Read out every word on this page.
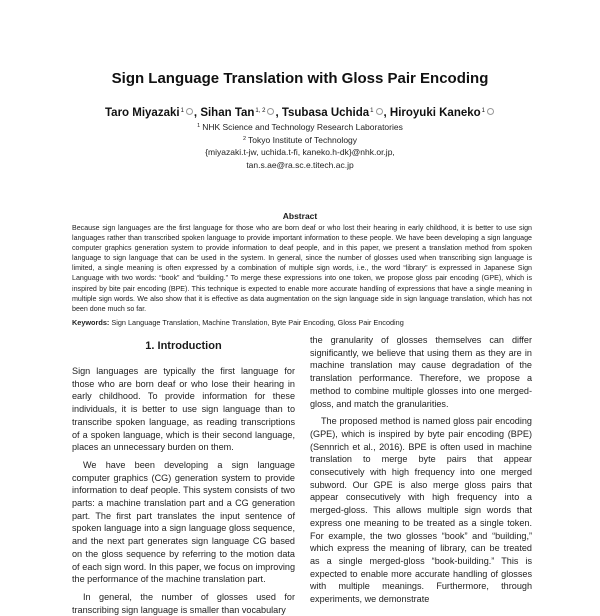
Sign Language Translation with Gloss Pair Encoding
Taro Miyazaki$^1$ , Sihan Tan$^{1, 2}$ , Tsubasa Uchida$^1$ , Hiroyuki Kaneko$^1$
$^1$ NHK Science and Technology Research Laboratories
$^2$ Tokyo Institute of Technology
{miyazaki.t-jw, uchida.t-fi, kaneko.h-dk}@nhk.or.jp,
tan.s.ae@ra.sc.e.titech.ac.jp
Abstract
Because sign languages are the first language for those who are born deaf or who lost their hearing in early childhood, it is better to use sign languages rather than transcribed spoken language to provide important information to these people. We have been developing a sign language computer graphics generation system to provide information to deaf people, and in this paper, we present a translation method from spoken language to sign language that can be used in the system. In general, since the number of glosses used when transcribing sign language is limited, a single meaning is often expressed by a combination of multiple sign words, i.e., the word “library” is expressed in Japanese Sign Language with two words: “book” and “building.” To merge these expressions into one token, we propose gloss pair encoding (GPE), which is inspired by bite pair encoding (BPE). This technique is expected to enable more accurate handling of expressions that have a single meaning in multiple sign words. We also show that it is effective as data augmentation on the sign language side in sign language translation, which has not been done much so far.
Keywords: Sign Language Translation, Machine Translation, Byte Pair Encoding, Gloss Pair Encoding
1. Introduction

Sign languages are typically the first language for those who are born deaf or who lose their hearing in early childhood. To provide information for these individuals, it is better to use sign language than to transcribe spoken language, as reading transcriptions of a spoken language, which is their second language, places an unnecessary burden on them.

We have been developing a sign language computer graphics (CG) generation system to provide information to deaf people. This system consists of two parts: a machine translation part and a CG generation part. The first part translates the input sentence of spoken language into a sign language gloss sequence, and the next part generates sign language CG based on the gloss sequence by referring to the motion data of each sign word. In this paper, we focus on improving the performance of the machine translation part.

In general, the number of glosses used for transcribing sign language is smaller than vocabulary

the granularity of glosses themselves can differ significantly, we believe that using them as they are in machine translation may cause degradation of the translation performance. Therefore, we propose a method to combine multiple glosses into one merged-gloss, and match the granularities.

The proposed method is named gloss pair encoding (GPE), which is inspired by byte pair encoding (BPE) (Sennrich et al., 2016). BPE is often used in machine translation to merge byte pairs that appear consecutively with high frequency into one merged subword. Our GPE is also merge gloss pairs that appear consecutively with high frequency into a merged-gloss. This allows multiple sign words that express one meaning to be treated as a single token. For example, the two glosses “book” and “building,” which express the meaning of library, can be treated as a single merged-gloss “book-building.” This is expected to enable more accurate handling of glosses with multiple meanings. Furthermore, through experiments, we demonstrate
